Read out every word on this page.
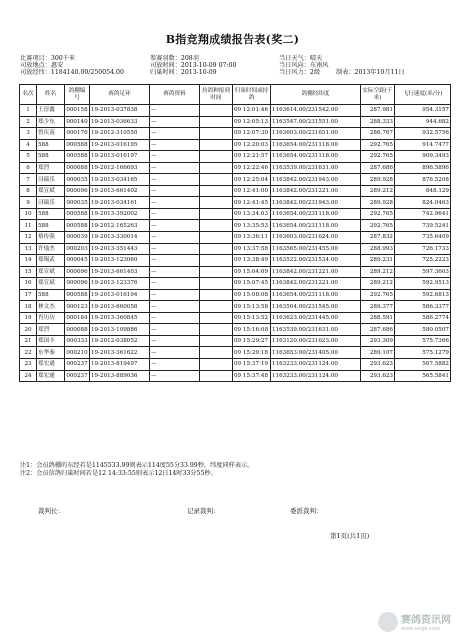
B指竞翔成绩报告表(奖二)
比赛项目：300千米
司放地点：惠安
司放经纬：1184140.00/250054.00
参赛羽数：208羽
司放时间：2013-10-09 07:00
归巢时间：2013-10-09
当日天气：晴天
当日风向：东南风
当日风力：2级	制表：2013年10月11日
名次	姓名	鸽棚编号	赛鸽足环	赛鸽资料	持鸽种报到时间	归巢时间或持鸽	鸽棚经纬度	实际空距(千米)	飞行速度(米/分)
1	王淳鑫	000158	19-2013-037838	—		09 12:01:46	1163614.00/231542.00	287.981	954.3157
2	郑少东	000140	19-2013-036633	—		09 12:05:13	1163547.00/231551.00	288.333	944.682
3	曾庆南	000176	19-2012-310550	—		09 12:07:30	1163603.00/231651.00	286.767	932.5756
4	588	000588	19-2013-016195	—		09 12:20:03	1163654.00/231118.00	292.765	914.7477
5	588	000588	19-2013-016197	—		09 12:21:57	1163654.00/231118.00	292.765	909.3493
6	郑烈	000088	19-2012-166693	—		09 12:22:46	1163539.00/231631.00	287.686	896.5896
7	浔瑞乐	000035	19-2013-034165	—		09 12:25:04	1163842.00/231943.00	289.928	876.5208
8	郑宣斌	000096	19-2013-661402	—		09 12:41:00	1163842.00/231221.00	289.212	848.129
9	浔瑞乐	000035	19-2013-034161	—		09 12:41:45	1163842.00/231943.00	289.928	824.0463
10	588	000588	19-2013-392002	—		09 13:34:03	1163654.00/231118.00	292.765	742.9641
11	588	000588	19-2012-165263	—		09 13:35:53	1163654.00/231118.00	292.765	739.5241
12	蔡传强	000039	19-2013-330014	—		09 13:36:11	1163603.00/231624.00	287.832	735.6409
13	许灿杰	000203	19-2013-351443	—		09 13:37:58	1163565.00/231455.00	288.993	726.1733
14	郑锡武	000045	19-2013-123060	—		09 13:38:49	1163522.00/231534.00	289.231	725.2223
15	郑宣斌	000096	19-2013-661403	—		09 15:04:09	1163842.00/231221.00	289.212	597.3603
16	郑宣斌	000096	19-2013-123376	—		09 15:07:45	1163842.00/231221.00	289.212	592.9513
17	588	000588	19-2013-016194	—		09 15:08:08	1163654.00/231118.00	292.765	592.6813
18	林文杰	000123	19-2013-660058	—		09 15:13:58	1163504.00/231545.00	289.377	586.3377
19	肖历历	000184	19-2013-360845	—		09 15:13:52	1163623.00/231445.00	288.591	586.2774
20	郑烈	000088	19-2013-109886	—		09 15:16:08	1163539.00/231631.00	287.686	580.0507
21	郑国丰	000333	19-2012-038052	—		09 15:29:27	1163120.00/231623.00	293.309	575.7366
22	东华秦	000210	19-2013-361622	—		09 15:29:18	1163653.00/231405.00	289.107	575.1279
23	郑宏通	000237	19-2013-819497	—		09 15:37:19	1163233.00/231124.00	293.623	567.5882
24	郑宏通	000237	19-2013-889036	—		09 15:37:48	1163233.00/231124.00	293.623	565.5841
注1：会员鸽棚的东经若是1145533.99则表示114度55分33.99秒，纬度同样表示。
注2：会员信鸽归巢时间若是12 14:33:55则表示12日14时33分55秒。
裁判长：	记录裁判：	委派裁判：
第1页(共1页)
赛鸽资讯网
www.saige.com
